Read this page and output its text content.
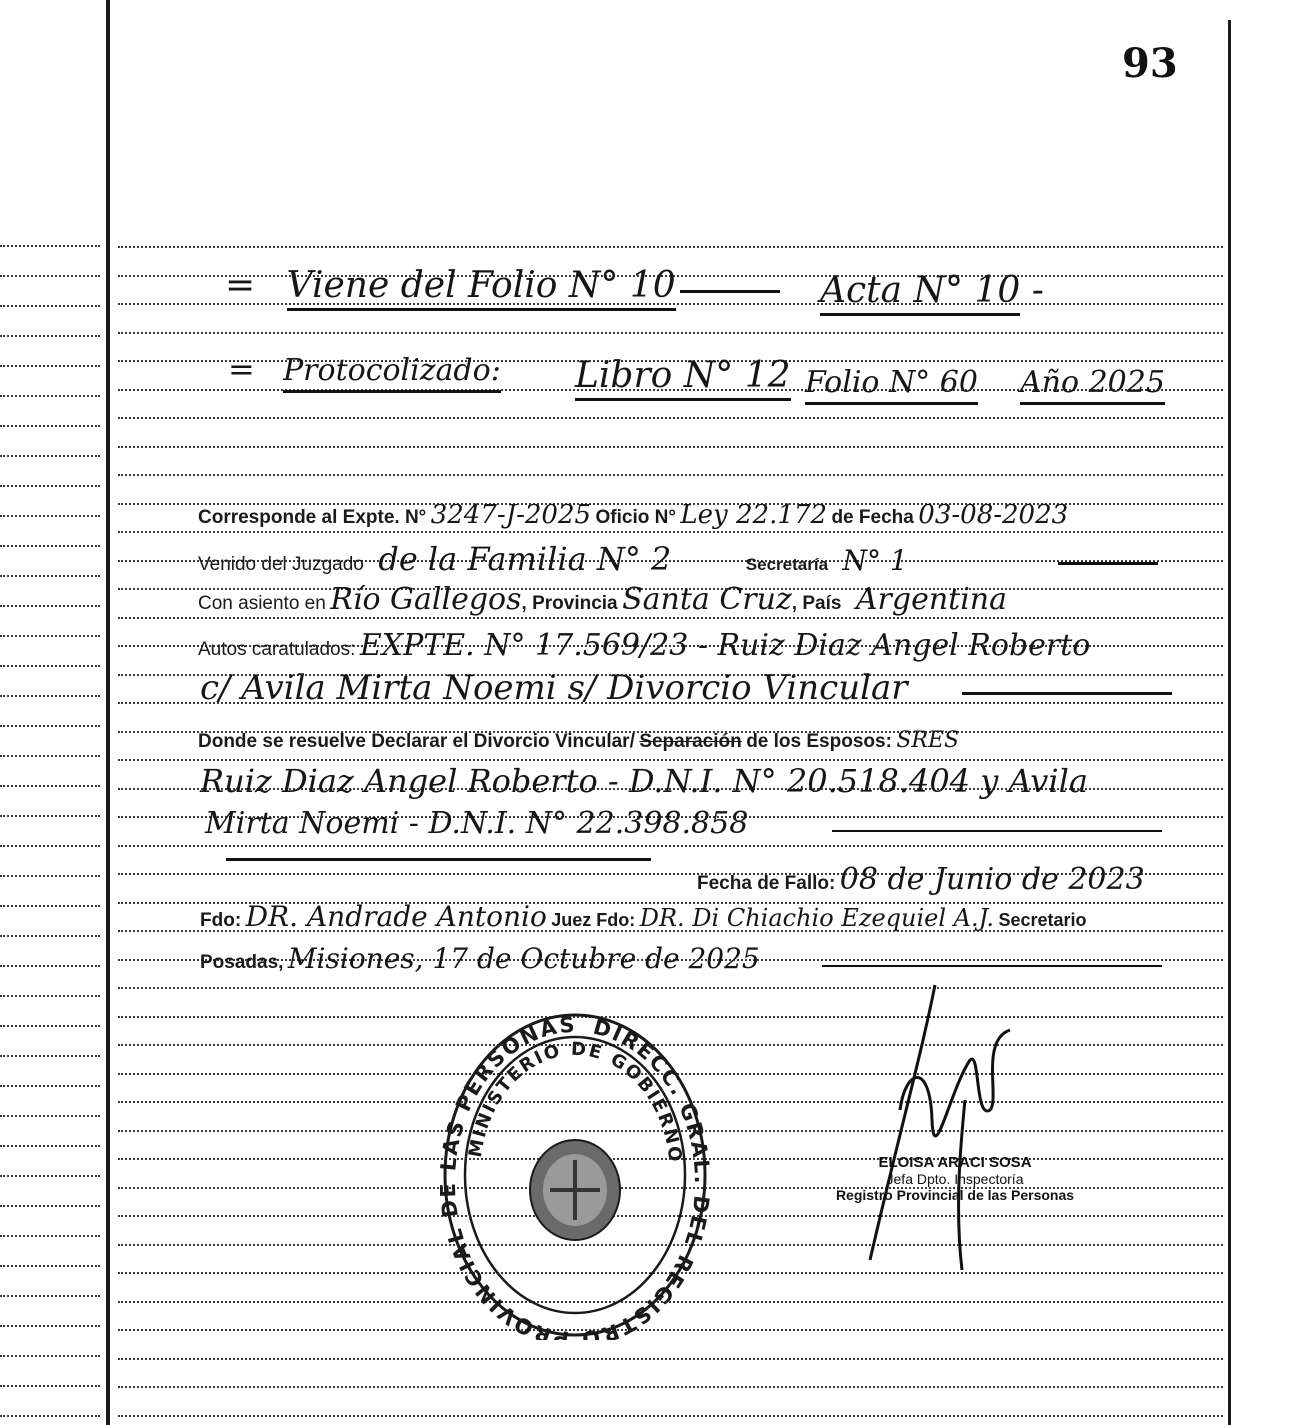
93
= Viene del Folio N° 10	Acta N° 10 -
= Protocolizado: Libro N° 12 Folio N° 60 Año 2025
Corresponde al Expte. N° 3247-J-2025 Oficio N° Ley 22.172 de Fecha 03-08-2023
Venido del Juzgado de la Familia N° 2	Secretaría N° 1
Con asiento en Río Gallegos, Provincia Santa Cruz, País Argentina
Autos caratulados: EXPTE. N° 17.569/23 - Ruiz Diaz Angel Roberto
c/ Avila Mirta Noemi s/ Divorcio Vincular
Donde se resuelve Declarar el Divorcio Vincular/ Separación de los Esposos: SRES
Ruiz Diaz Angel Roberto - D.N.I. N° 20.518.404 y Avila
Mirta Noemi - D.N.I. N° 22.398.858
Fecha de Fallo: 08 de Junio de 2023
Fdo: DR. Andrade Antonio Juez Fdo: DR. Di Chiachio Ezequiel A.J. Secretario
Posadas, Misiones, 17 de Octubre de 2025
DIRECC. GRA EL REGISTRO PROVINCIAL AS PERSONAS
MINISTERIO DE GOBIERNO	ELOISA ARACI SOSA
Jefa Dpto. Inspectoría
Registro Provincial de las Personas
